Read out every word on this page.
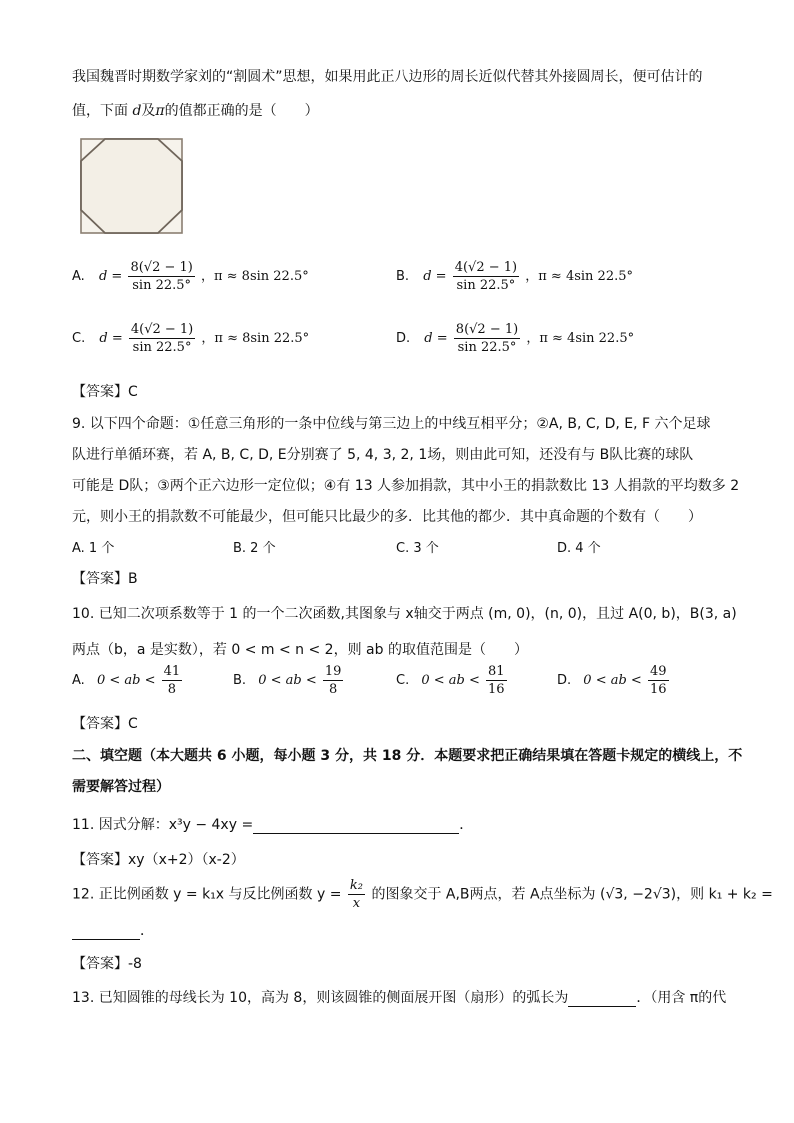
我国魏晋时期数学家刘的“割圆术”思想，如果用此正八边形的周长近似代替其外接圆周长，便可估计的
值，下面 d及π的值都正确的是（　　）
A. $d = \frac{8(√2 - 1)}{\sin 22.5^\circ}$ ，π ≈ 8sin 22.5°	B. $d = \frac{4(√2 - 1)}{\sin 22.5^\circ}$ ，π ≈ 4sin 22.5°
C. $d = \frac{4(√2 - 1)}{\sin 22.5^\circ}$ ，π ≈ 8sin 22.5°	D. $d = \frac{8(√2 - 1)}{\sin 22.5^\circ}$ ，π ≈ 4sin 22.5°
【答案】C
9. 以下四个命题：①任意三角形的一条中位线与第三边上的中线互相平分；②A, B, C, D, E, F 六个足球
队进行单循环赛，若 A, B, C, D, E分别赛了 5, 4, 3, 2, 1场，则由此可知，还没有与 B队比赛的球队
可能是 D队；③两个正六边形一定位似；④有 13 人参加捐款，其中小王的捐款数比 13 人捐款的平均数多 2
元，则小王的捐款数不可能最少，但可能只比最少的多．比其他的都少．其中真命题的个数有（　　）
A. 1 个	B. 2 个	C. 3 个	D. 4 个
【答案】B
10. 已知二次项系数等于 1 的一个二次函数,其图象与 x轴交于两点 (m, 0)，(n, 0)，且过 A(0, b)，B(3, a)
两点（b，a 是实数），若 0 < m < n < 2，则 ab 的取值范围是（　　）
A. 0 < ab < $\frac{41}{8}$	B. 0 < ab < $\frac{19}{8}$	C. 0 < ab < $\frac{81}{16}$	D. 0 < ab < $\frac{49}{16}$
【答案】C
二、填空题（本大题共 6 小题，每小题 3 分，共 18 分．本题要求把正确结果填在答题卡规定的横线上，不
需要解答过程）
11. 因式分解：x³y − 4xy =	．
【答案】xy（x+2）（x-2）
12. 正比例函数 y = k₁x 与反比例函数 $y = \frac{\text{k₂}}{x}$ 的图象交于 A,B两点，若 A点坐标为 (√3, −2√3)，则 k₁ + k₂ =
．
【答案】-8
13. 已知圆锥的母线长为 10，高为 8，则该圆锥的侧面展开图（扇形）的弧长为	．（用含 π的代
